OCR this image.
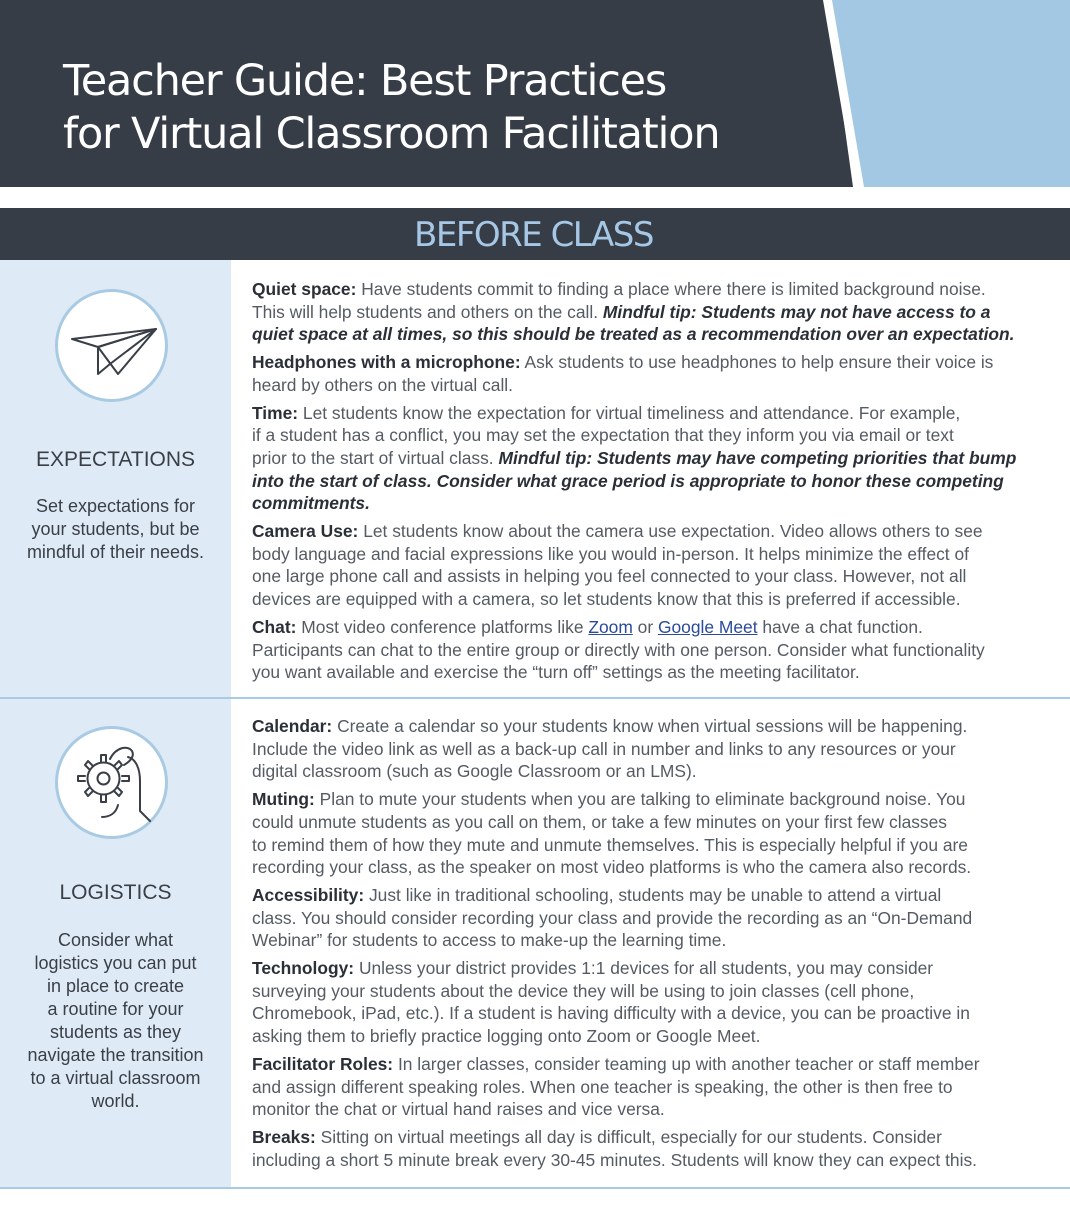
Teacher Guide: Best Practices
for Virtual Classroom Facilitation
BEFORE CLASS
EXPECTATIONS
Set expectations for
your students, but be
mindful of their needs.
Quiet space: Have students commit to finding a place where there is limited background noise.
This will help students and others on the call. Mindful tip: Students may not have access to a
quiet space at all times, so this should be treated as a recommendation over an expectation.
Headphones with a microphone: Ask students to use headphones to help ensure their voice is
heard by others on the virtual call.
Time: Let students know the expectation for virtual timeliness and attendance. For example,
if a student has a conflict, you may set the expectation that they inform you via email or text
prior to the start of virtual class. Mindful tip: Students may have competing priorities that bump
into the start of class. Consider what grace period is appropriate to honor these competing
commitments.
Camera Use: Let students know about the camera use expectation. Video allows others to see
body language and facial expressions like you would in-person. It helps minimize the effect of
one large phone call and assists in helping you feel connected to your class. However, not all
devices are equipped with a camera, so let students know that this is preferred if accessible.
Chat: Most video conference platforms like Zoom or Google Meet have a chat function.
Participants can chat to the entire group or directly with one person. Consider what functionality
you want available and exercise the “turn off” settings as the meeting facilitator.
LOGISTICS
Consider what
logistics you can put
in place to create
a routine for your
students as they
navigate the transition
to a virtual classroom
world.
Calendar: Create a calendar so your students know when virtual sessions will be happening.
Include the video link as well as a back-up call in number and links to any resources or your
digital classroom (such as Google Classroom or an LMS).
Muting: Plan to mute your students when you are talking to eliminate background noise. You
could unmute students as you call on them, or take a few minutes on your first few classes
to remind them of how they mute and unmute themselves. This is especially helpful if you are
recording your class, as the speaker on most video platforms is who the camera also records.
Accessibility: Just like in traditional schooling, students may be unable to attend a virtual
class. You should consider recording your class and provide the recording as an “On-Demand
Webinar” for students to access to make-up the learning time.
Technology: Unless your district provides 1:1 devices for all students, you may consider
surveying your students about the device they will be using to join classes (cell phone,
Chromebook, iPad, etc.). If a student is having difficulty with a device, you can be proactive in
asking them to briefly practice logging onto Zoom or Google Meet.
Facilitator Roles: In larger classes, consider teaming up with another teacher or staff member
and assign different speaking roles. When one teacher is speaking, the other is then free to
monitor the chat or virtual hand raises and vice versa.
Breaks: Sitting on virtual meetings all day is difficult, especially for our students. Consider
including a short 5 minute break every 30-45 minutes. Students will know they can expect this.
